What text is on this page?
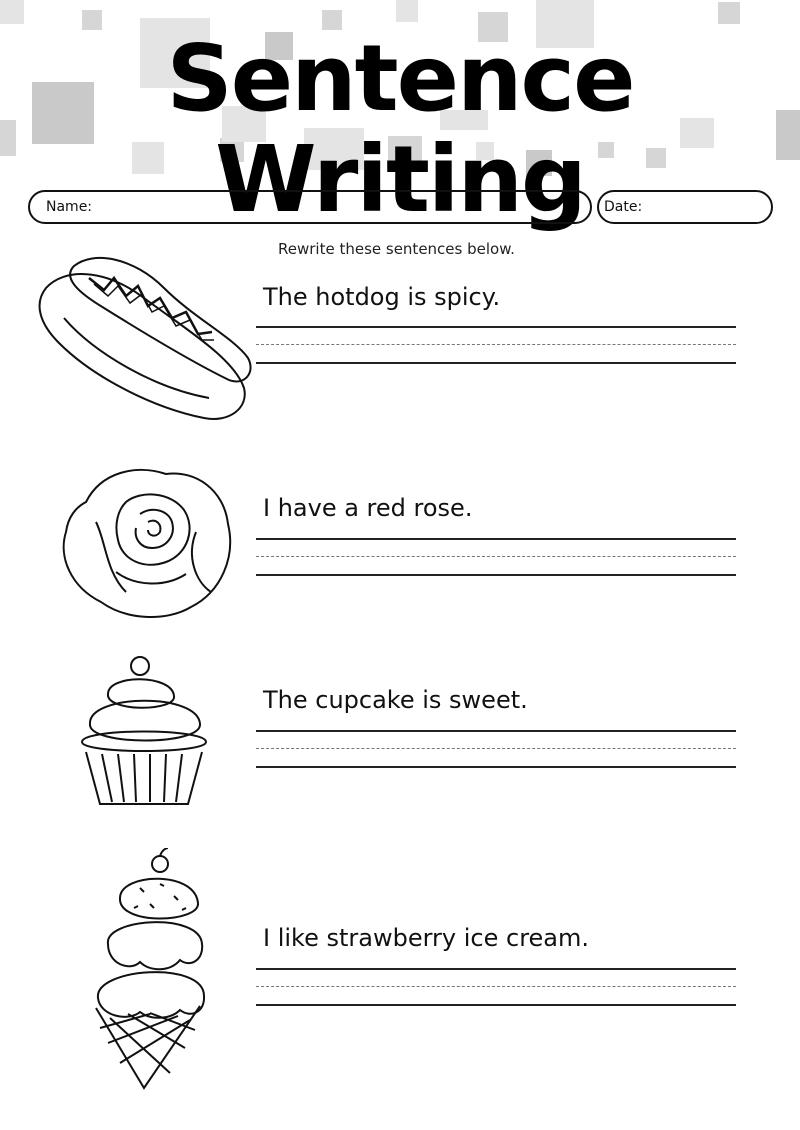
Sentence Writing
Name:	Date:
Rewrite these sentences below.
The hotdog is spicy.
I have a red rose.
The cupcake is sweet.
I like strawberry ice cream.
